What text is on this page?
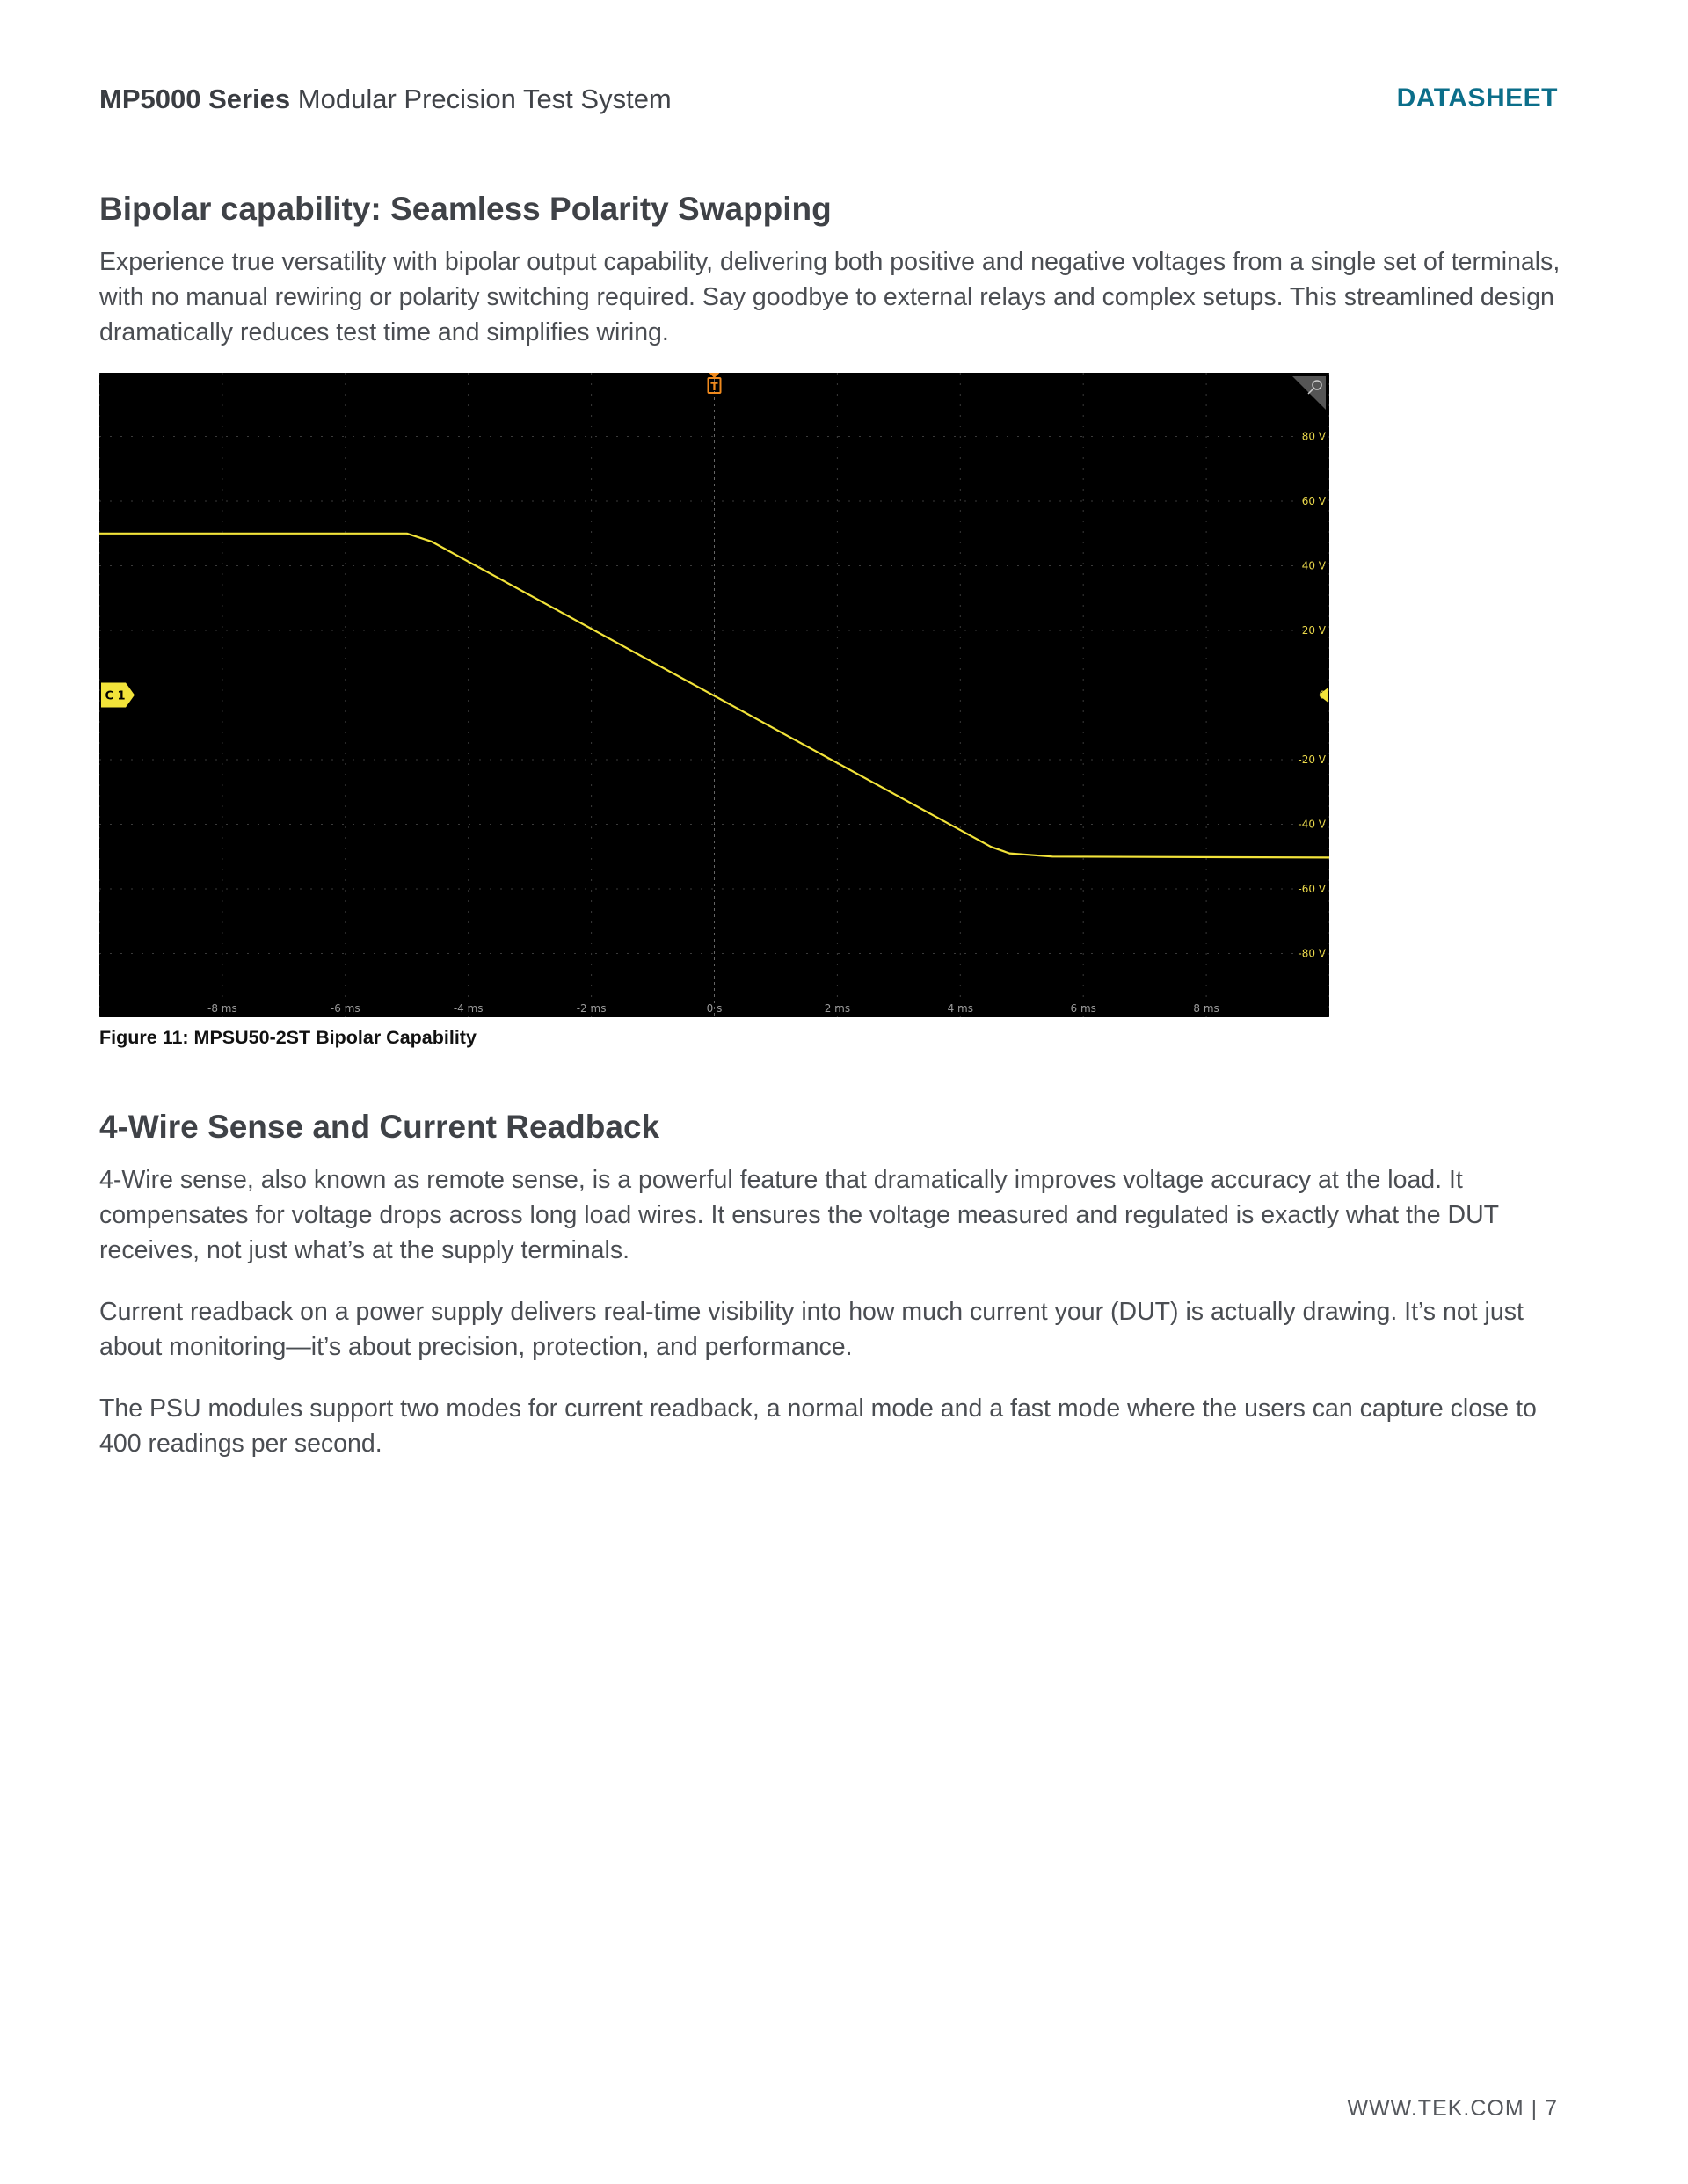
MP5000 Series Modular Precision Test System	DATASHEET
Bipolar capability: Seamless Polarity Swapping

Experience true versatility with bipolar output capability, delivering both positive and negative voltages from a single set of terminals, with no manual rewiring or polarity switching required. Say goodbye to external relays and complex setups. This streamlined design dramatically reduces test time and simplifies wiring.

80 V
60 V
40 V
20 V
-20 V
-40 V
-60 V
-80 V
-8 ms	-6 ms	-4 ms	-2 ms	0 s	2 ms	4 ms	6 ms	8 ms
T
C 1
Figure 11: MPSU50-2ST Bipolar Capability
4-Wire Sense and Current Readback

4-Wire sense, also known as remote sense, is a powerful feature that dramatically improves voltage accuracy at the load. It compensates for voltage drops across long load wires. It ensures the voltage measured and regulated is exactly what the DUT receives, not just what’s at the supply terminals.

Current readback on a power supply delivers real-time visibility into how much current your (DUT) is actually drawing. It’s not just about monitoring—it’s about precision, protection, and performance.

The PSU modules support two modes for current readback, a normal mode and a fast mode where the users can capture close to 400 readings per second.

WWW.TEK.COM | 7
